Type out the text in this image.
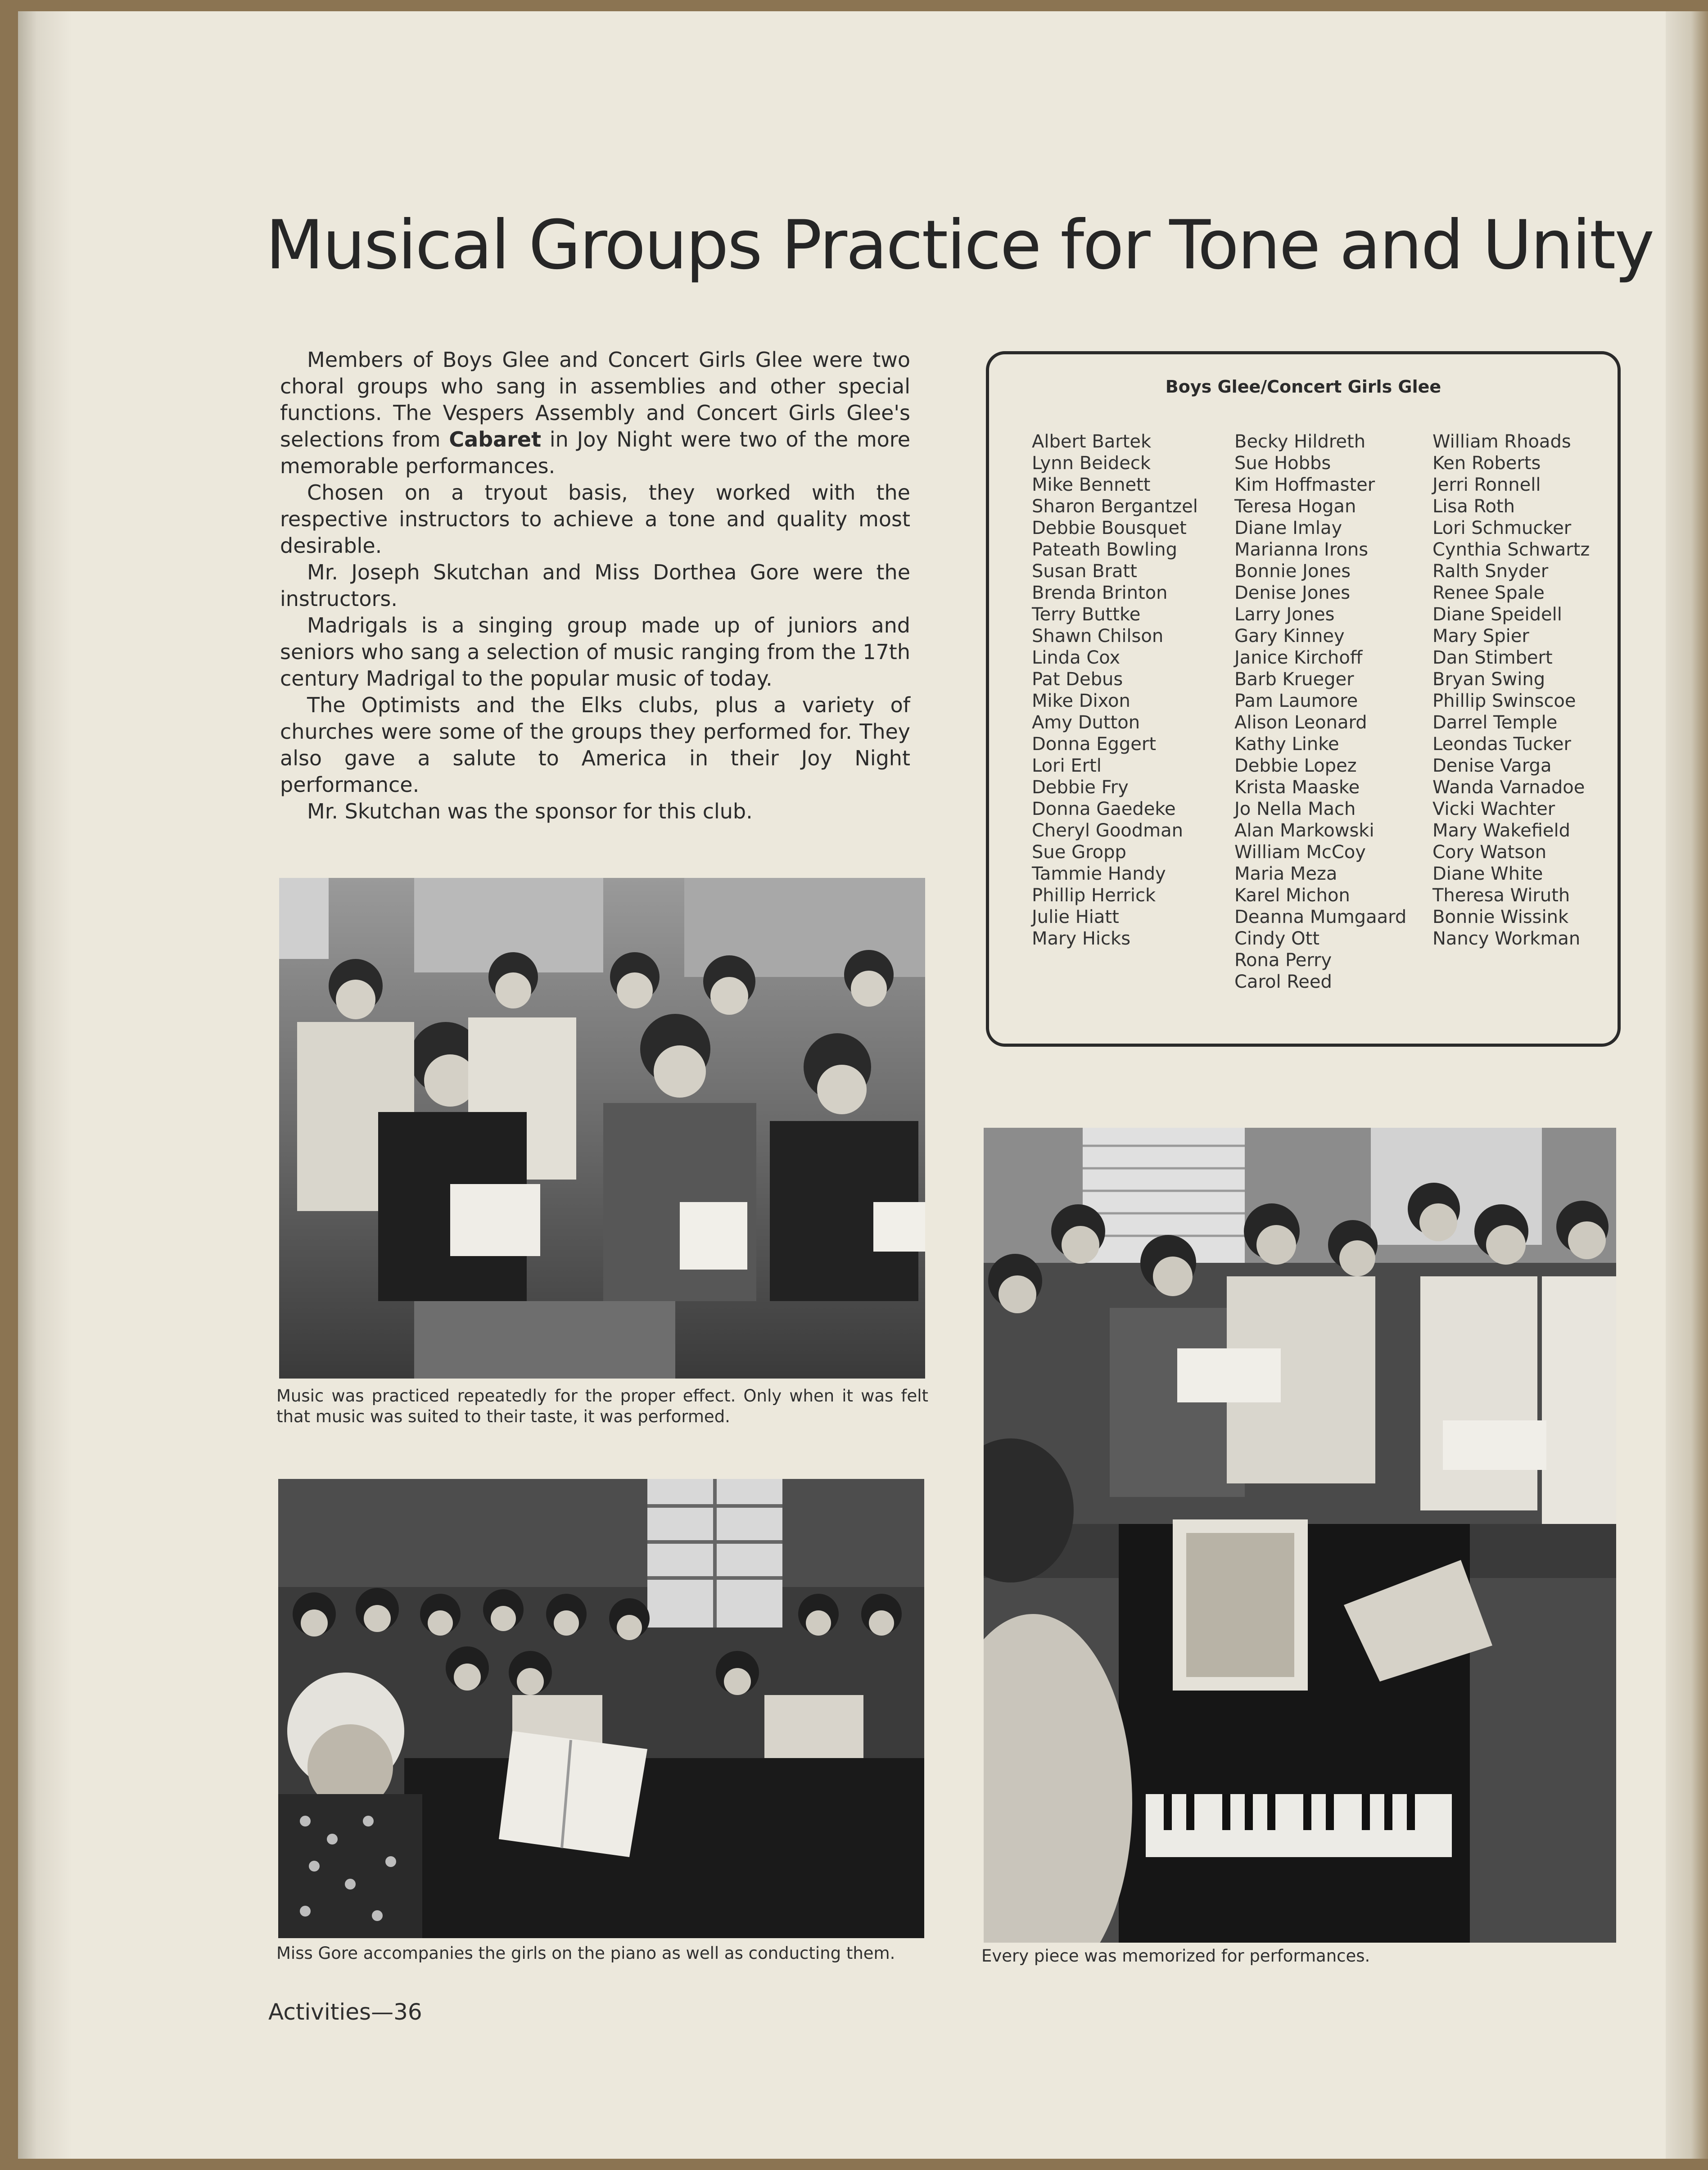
Musical Groups Practice for Tone and Unity

Members of Boys Glee and Concert Girls Glee were two choral groups who sang in assemblies and other special functions. The Vespers Assembly and Concert Girls Glee's selections from Cabaret in Joy Night were two of the more memorable performances.

Chosen on a tryout basis, they worked with the respective instructors to achieve a tone and quality most desirable.

Mr. Joseph Skutchan and Miss Dorthea Gore were the instructors.

Madrigals is a singing group made up of juniors and seniors who sang a selection of music ranging from the 17th century Madrigal to the popular music of today.

The Optimists and the Elks clubs, plus a variety of churches were some of the groups they performed for. They also gave a salute to America in their Joy Night performance.

Mr. Skutchan was the sponsor for this club.

Boys Glee/Concert Girls Glee
Albert Bartek
Lynn Beideck
Mike Bennett
Sharon Bergantzel
Debbie Bousquet
Pateath Bowling
Susan Bratt
Brenda Brinton
Terry Buttke
Shawn Chilson
Linda Cox
Pat Debus
Mike Dixon
Amy Dutton
Donna Eggert
Lori Ertl
Debbie Fry
Donna Gaedeke
Cheryl Goodman
Sue Gropp
Tammie Handy
Phillip Herrick
Julie Hiatt
Mary Hicks
Becky Hildreth
Sue Hobbs
Kim Hoffmaster
Teresa Hogan
Diane Imlay
Marianna Irons
Bonnie Jones
Denise Jones
Larry Jones
Gary Kinney
Janice Kirchoff
Barb Krueger
Pam Laumore
Alison Leonard
Kathy Linke
Debbie Lopez
Krista Maaske
Jo Nella Mach
Alan Markowski
William McCoy
Maria Meza
Karel Michon
Deanna Mumgaard
Cindy Ott
Rona Perry
Carol Reed
William Rhoads
Ken Roberts
Jerri Ronnell
Lisa Roth
Lori Schmucker
Cynthia Schwartz
Ralth Snyder
Renee Spale
Diane Speidell
Mary Spier
Dan Stimbert
Bryan Swing
Phillip Swinscoe
Darrel Temple
Leondas Tucker
Denise Varga
Wanda Varnadoe
Vicki Wachter
Mary Wakefield
Cory Watson
Diane White
Theresa Wiruth
Bonnie Wissink
Nancy Workman
Music was practiced repeatedly for the proper effect. Only when it was felt that music was suited to their taste, it was performed.
Miss Gore accompanies the girls on the piano as well as conducting them.	Every piece was memorized for performances.
Activities—36
